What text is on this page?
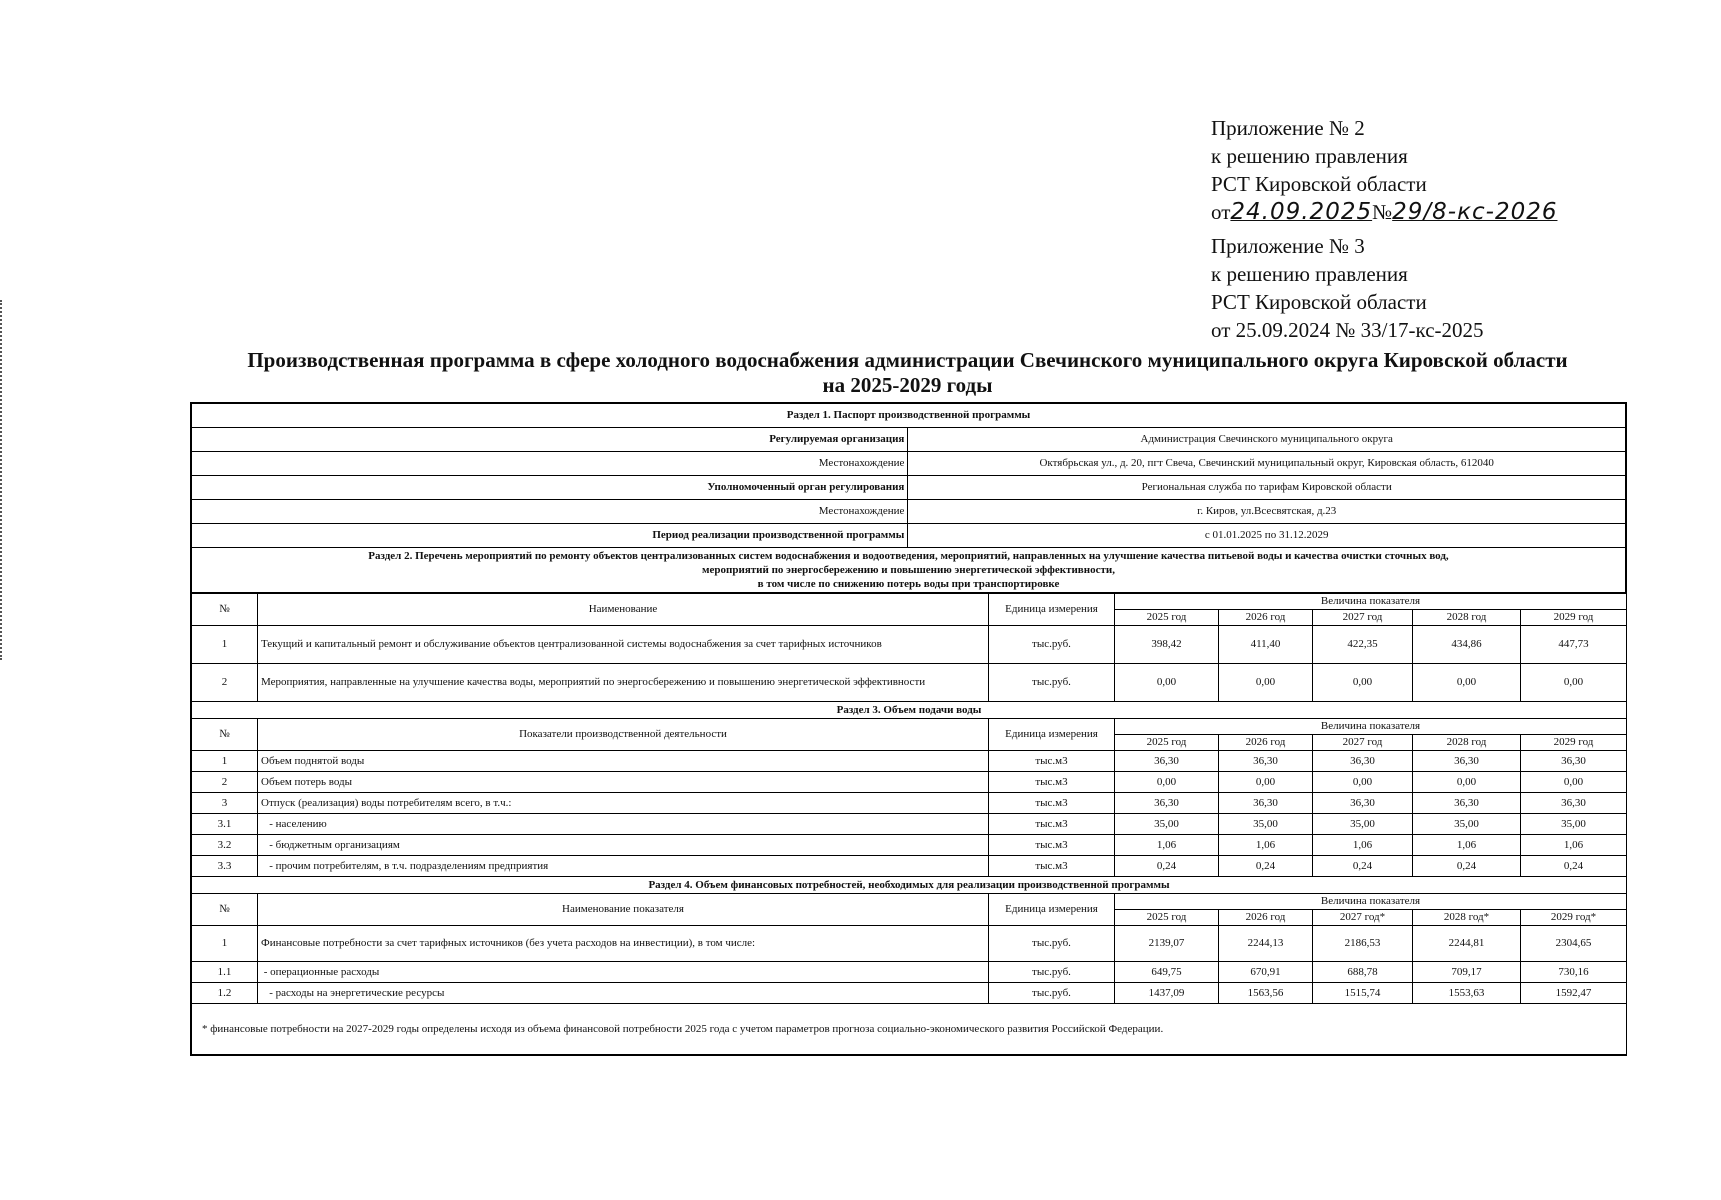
Приложение № 2
к решению правления
РСТ Кировской области
от24.09.2025№29/8-кс-2026
Приложение № 3
к решению правления
РСТ Кировской области
от 25.09.2024 № 33/17-кс-2025
Производственная программа в сфере холодного водоснабжения администрации Свечинского муниципального округа Кировской области
на 2025-2029 годы
Раздел 1. Паспорт производственной программы	
Регулируемая организация	Администрация Свечинского муниципального округа
Местонахождение	Октябрьская ул., д. 20, пгт Свеча, Свечинский муниципальный округ, Кировская область, 612040
Уполномоченный орган регулирования	Региональная служба по тарифам Кировской области
Местонахождение	г. Киров, ул.Всесвятская, д.23
Период реализации производственной программы	с 01.01.2025 по 31.12.2029

Раздел 2. Перечень мероприятий по ремонту объектов централизованных систем водоснабжения и водоотведения, мероприятий, направленных на улучшение качества питьевой воды и качества очистки сточных вод,
мероприятий по энергосбережению и повышению энергетической эффективности,
в том числе по снижению потерь воды при транспортировке	
№	Наименование	Единица измерения	Величина показателя				
			2025 год	2026 год	2027 год	2028 год	2029 год
1	Текущий и капитальный ремонт и обслуживание объектов централизованной системы водоснабжения за счет тарифных источников	тыс.руб.	398,42	411,40	422,35	434,86	447,73
2	Мероприятия, направленные на улучшение качества воды, мероприятий по энергосбережению и повышению энергетической эффективности	тыс.руб.	0,00	0,00	0,00	0,00	0,00
Раздел 3. Объем подачи воды							
№	Показатели производственной деятельности	Единица измерения	Величина показателя				
			2025 год	2026 год	2027 год	2028 год	2029 год
1	Объем поднятой воды	тыс.м3	36,30	36,30	36,30	36,30	36,30
2	Объем потерь воды	тыс.м3	0,00	0,00	0,00	0,00	0,00
3	Отпуск (реализация) воды потребителям всего, в т.ч.:	тыс.м3	36,30	36,30	36,30	36,30	36,30
3.1	- населению	тыс.м3	35,00	35,00	35,00	35,00	35,00
3.2	- бюджетным организациям	тыс.м3	1,06	1,06	1,06	1,06	1,06
3.3	- прочим потребителям, в т.ч. подразделениям предприятия	тыс.м3	0,24	0,24	0,24	0,24	0,24
Раздел 4. Объем финансовых потребностей, необходимых для реализации производственной программы							
№	Наименование показателя	Единица измерения	Величина показателя				
			2025 год	2026 год	2027 год*	2028 год*	2029 год*
1	Финансовые потребности за счет тарифных источников (без учета расходов на инвестиции), в том числе:	тыс.руб.	2139,07	2244,13	2186,53	2244,81	2304,65
1.1	- операционные расходы	тыс.руб.	649,75	670,91	688,78	709,17	730,16
1.2	- расходы на энергетические ресурсы	тыс.руб.	1437,09	1563,56	1515,74	1553,63	1592,47
* финансовые потребности на 2027-2029 годы определены исходя из объема финансовой потребности 2025 года с учетом параметров прогноза социально-экономического развития Российской Федерации.							
